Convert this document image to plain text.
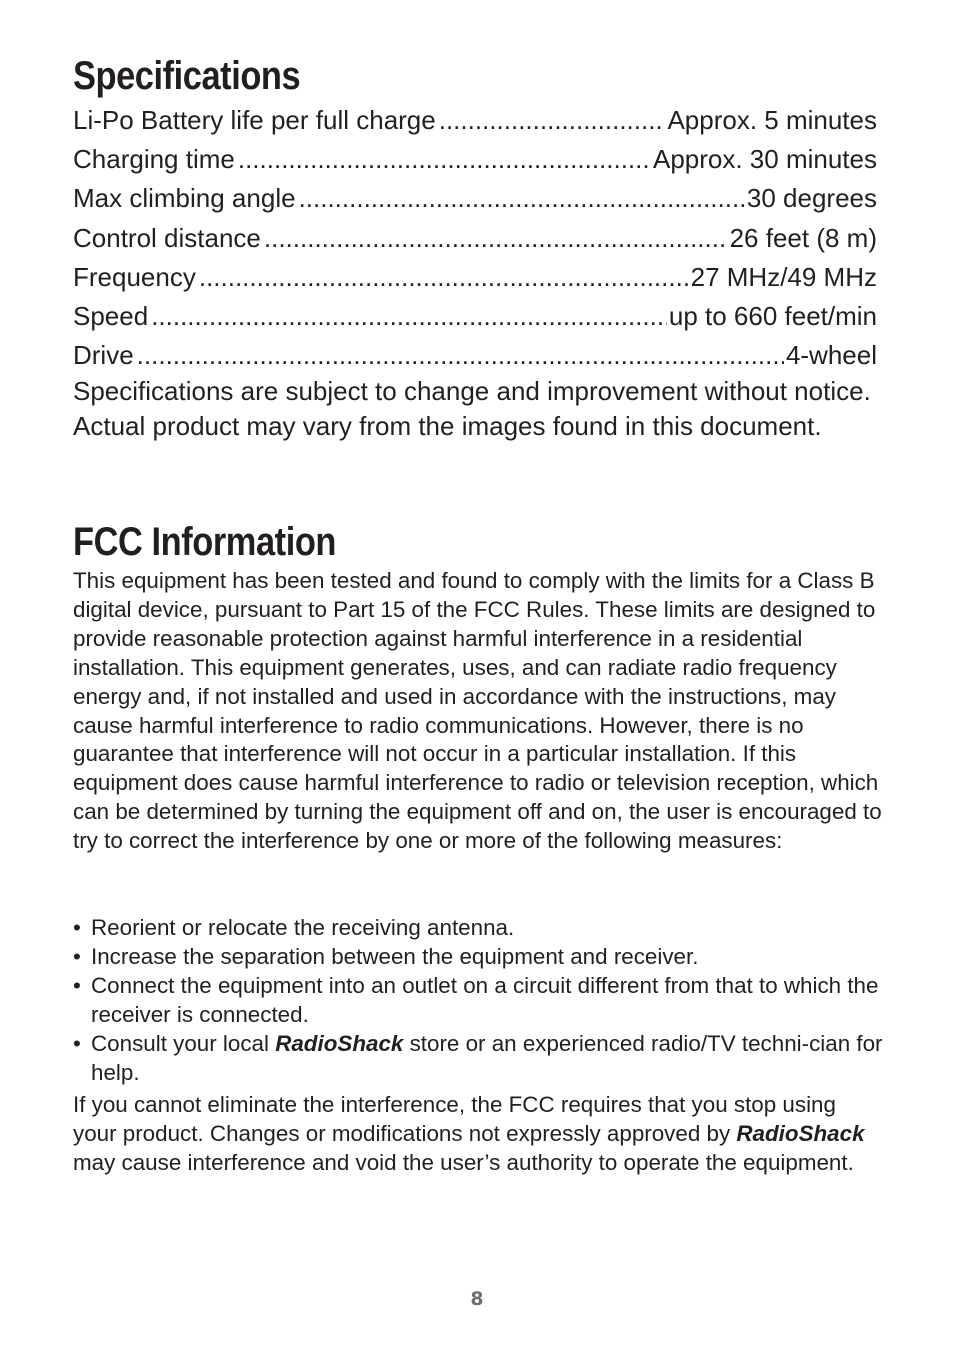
Specifications
Li-Po Battery life per full charge .....	Approx. 5 minutes
Charging time .....	Approx. 30 minutes
Max climbing angle .....	30 degrees
Control distance .....	26 feet (8 m)
Frequency .....	27 MHz/49 MHz
Speed .....	up to 660 feet/min
Drive .....	4-wheel

Specifications are subject to change and improvement without notice. Actual product may vary from the images found in this document.

FCC Information

This equipment has been tested and found to comply with the limits for a Class B digital device, pursuant to Part 15 of the FCC Rules. These limits are designed to provide reasonable protection against harmful interference in a residential installation. This equipment generates, uses, and can radiate radio frequency energy and, if not installed and used in accordance with the instructions, may cause harmful interference to radio communications. However, there is no guarantee that interference will not occur in a particular installation. If this equipment does cause harmful interference to radio or television reception, which can be determined by turning the equipment off and on, the user is encouraged to try to correct the interference by one or more of the following measures:

• Reorient or relocate the receiving antenna.
• Increase the separation between the equipment and receiver.
• Connect the equipment into an outlet on a circuit different from that to which the receiver is connected.
• Consult your local RadioShack store or an experienced radio/TV techni-cian for help.

If you cannot eliminate the interference, the FCC requires that you stop using your product. Changes or modifications not expressly approved by RadioShack may cause interference and void the user’s authority to operate the equipment.

8
